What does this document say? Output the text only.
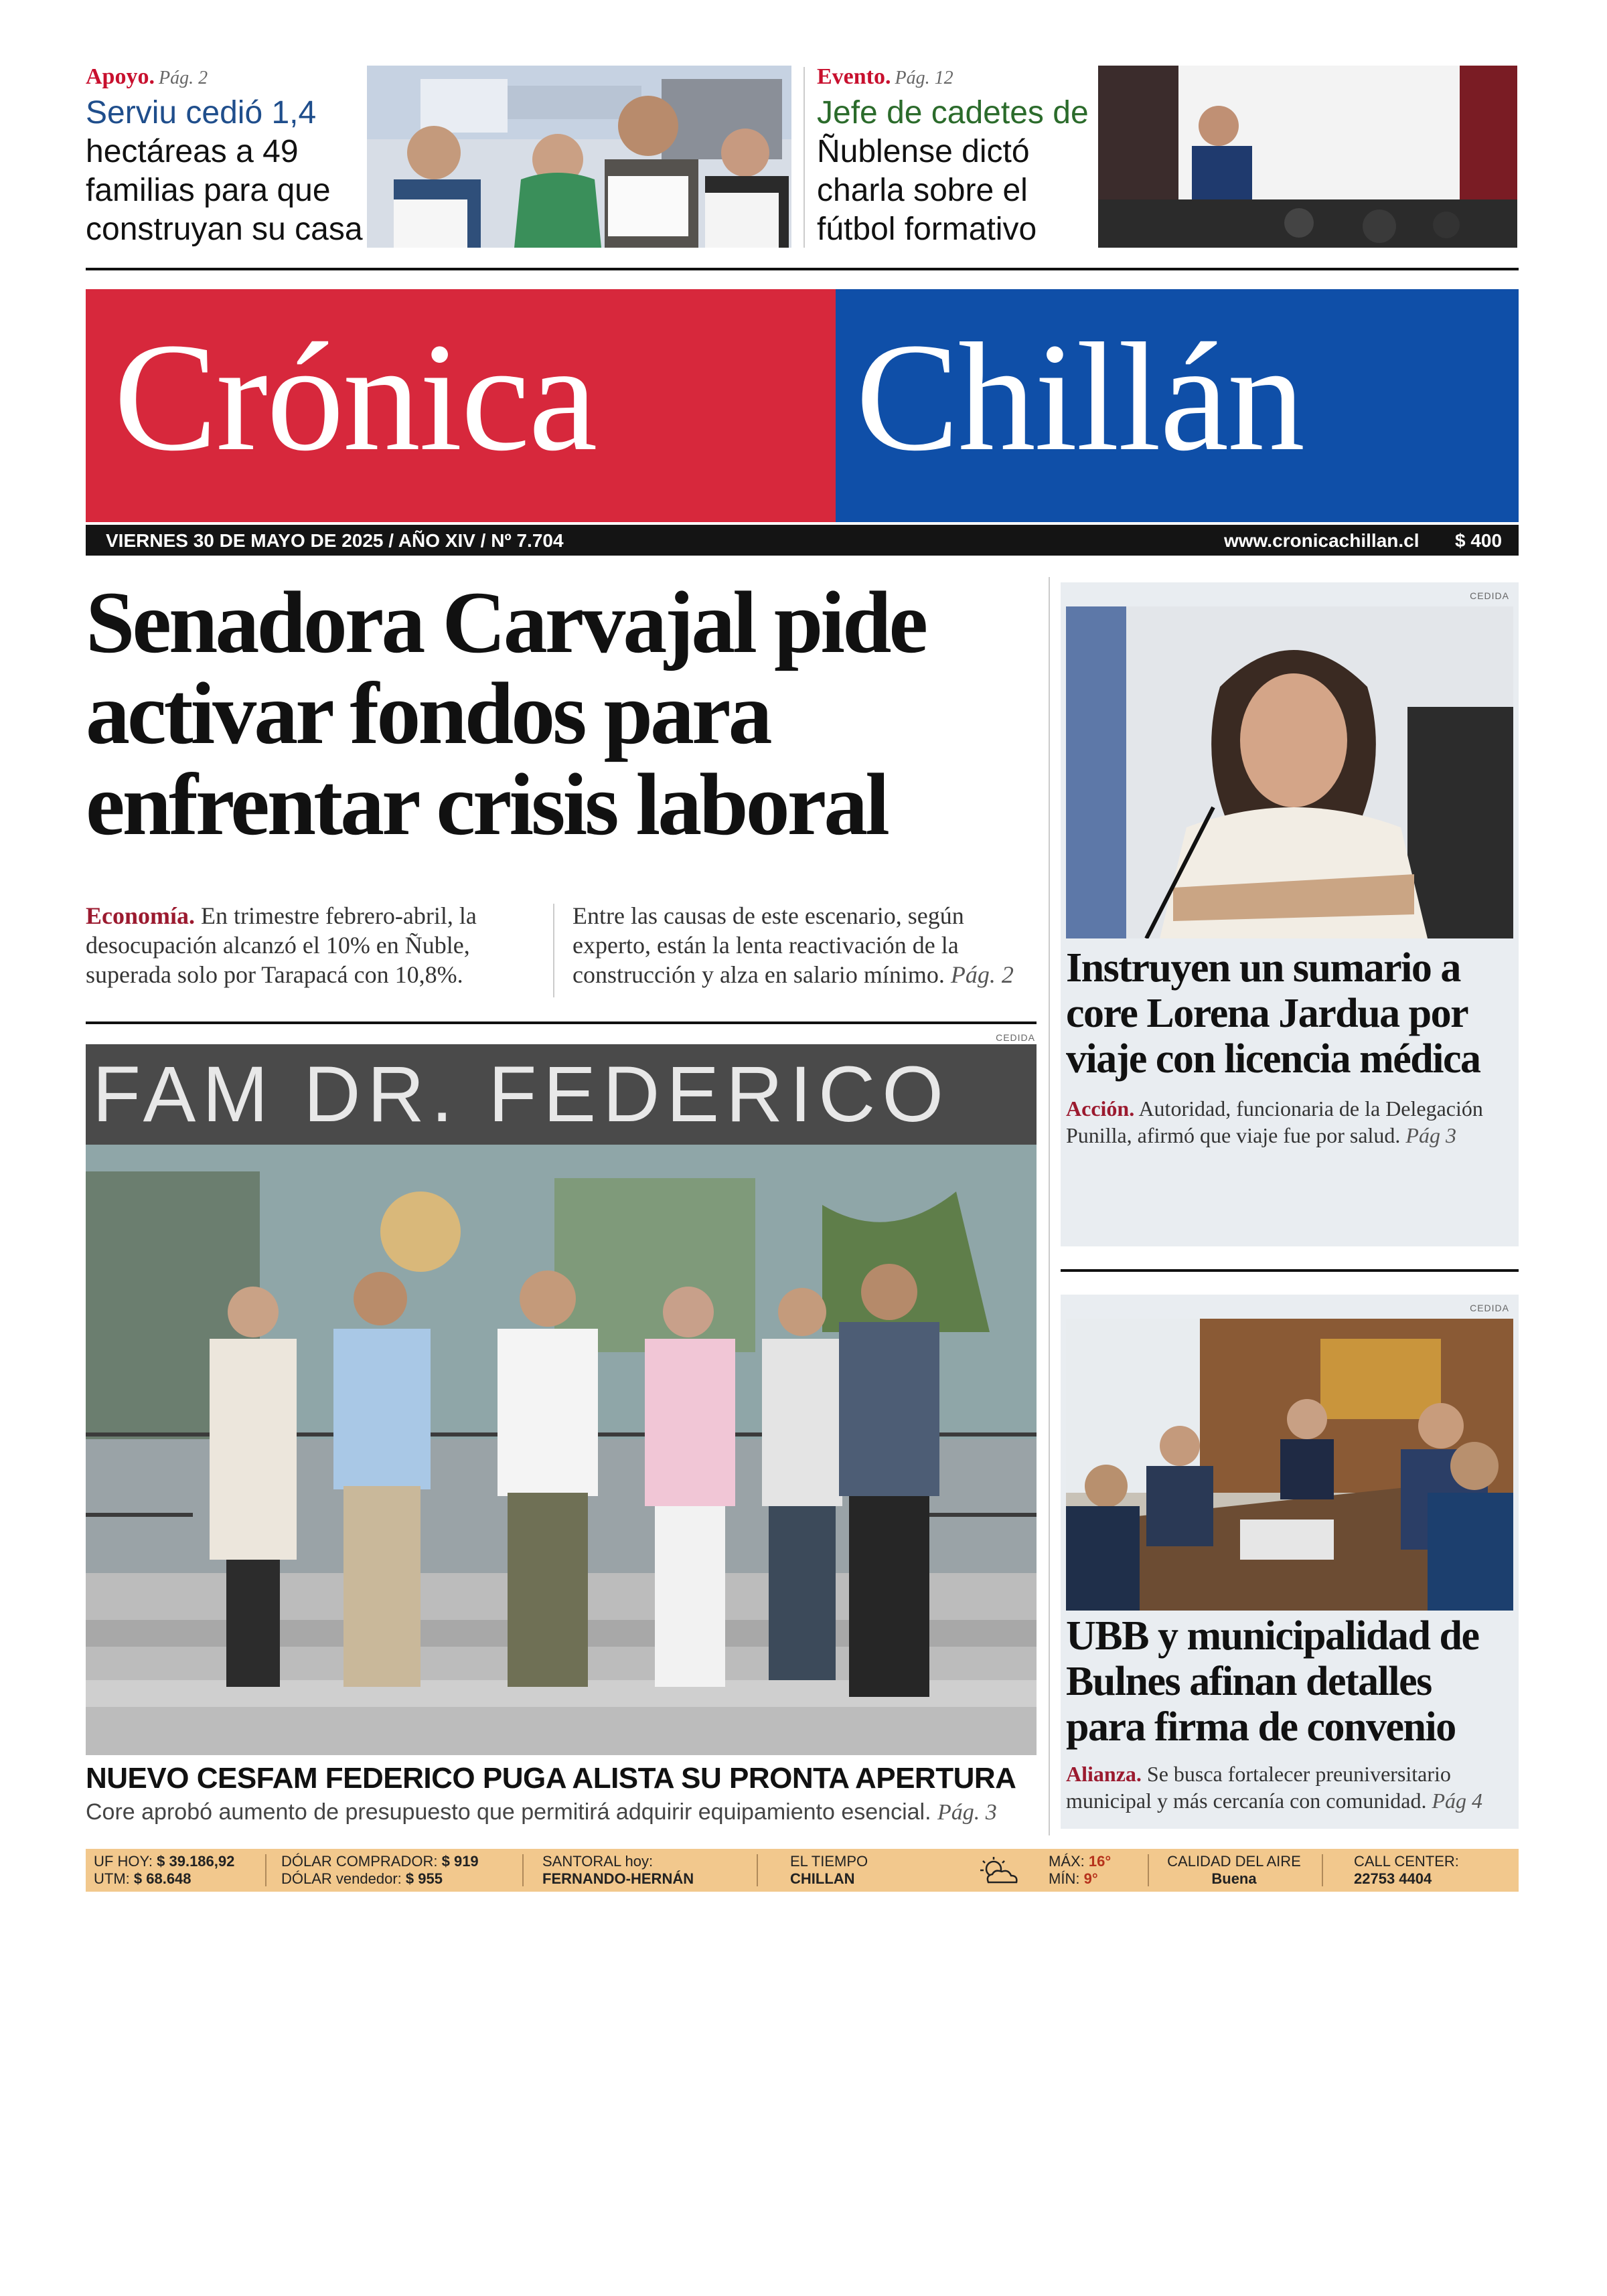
Apoyo. Pág. 2
Serviu cedió 1,4 hectáreas a 49 familias para que construyan su casa
Evento. Pág. 12
Jefe de cadetes de Ñublense dictó charla sobre el fútbol formativo
Crónica Chillán
VIERNES 30 DE MAYO DE 2025 / AÑO XIV / Nº 7.704	www.cronicachillan.cl $ 400
Senadora Carvajal pide
activar fondos para
enfrentar crisis laboral
Economía. En trimestre febrero-abril, la desocupación alcanzó el 10% en Ñuble, superada solo por Tarapacá con 10,8%.
Entre las causas de este escenario, según experto, están la lenta reactivación de la construcción y alza en salario mínimo. Pág. 2
CEDIDA
FAM DR. FEDERICO
NUEVO CESFAM FEDERICO PUGA ALISTA SU PRONTA APERTURA
Core aprobó aumento de presupuesto que permitirá adquirir equipamiento esencial. Pág. 3
CEDIDA
Instruyen un sumario a core Lorena Jardua por viaje con licencia médica
Acción. Autoridad, funcionaria de la Delegación Punilla, afirmó que viaje fue por salud. Pág 3
CEDIDA
UBB y municipalidad de Bulnes afinan detalles para firma de convenio
Alianza. Se busca fortalecer preuniversitario municipal y más cercanía con comunidad. Pág 4
UF HOY: $ 39.186,92
UTM: $ 68.648
DÓLAR COMPRADOR: $ 919
DÓLAR vendedor: $ 955
SANTORAL hoy:
FERNANDO-HERNÁN
EL TIEMPO
CHILLAN
MÁX: 16°
MÍN: 9°
CALIDAD DEL AIRE
Buena
CALL CENTER:
22753 4404
